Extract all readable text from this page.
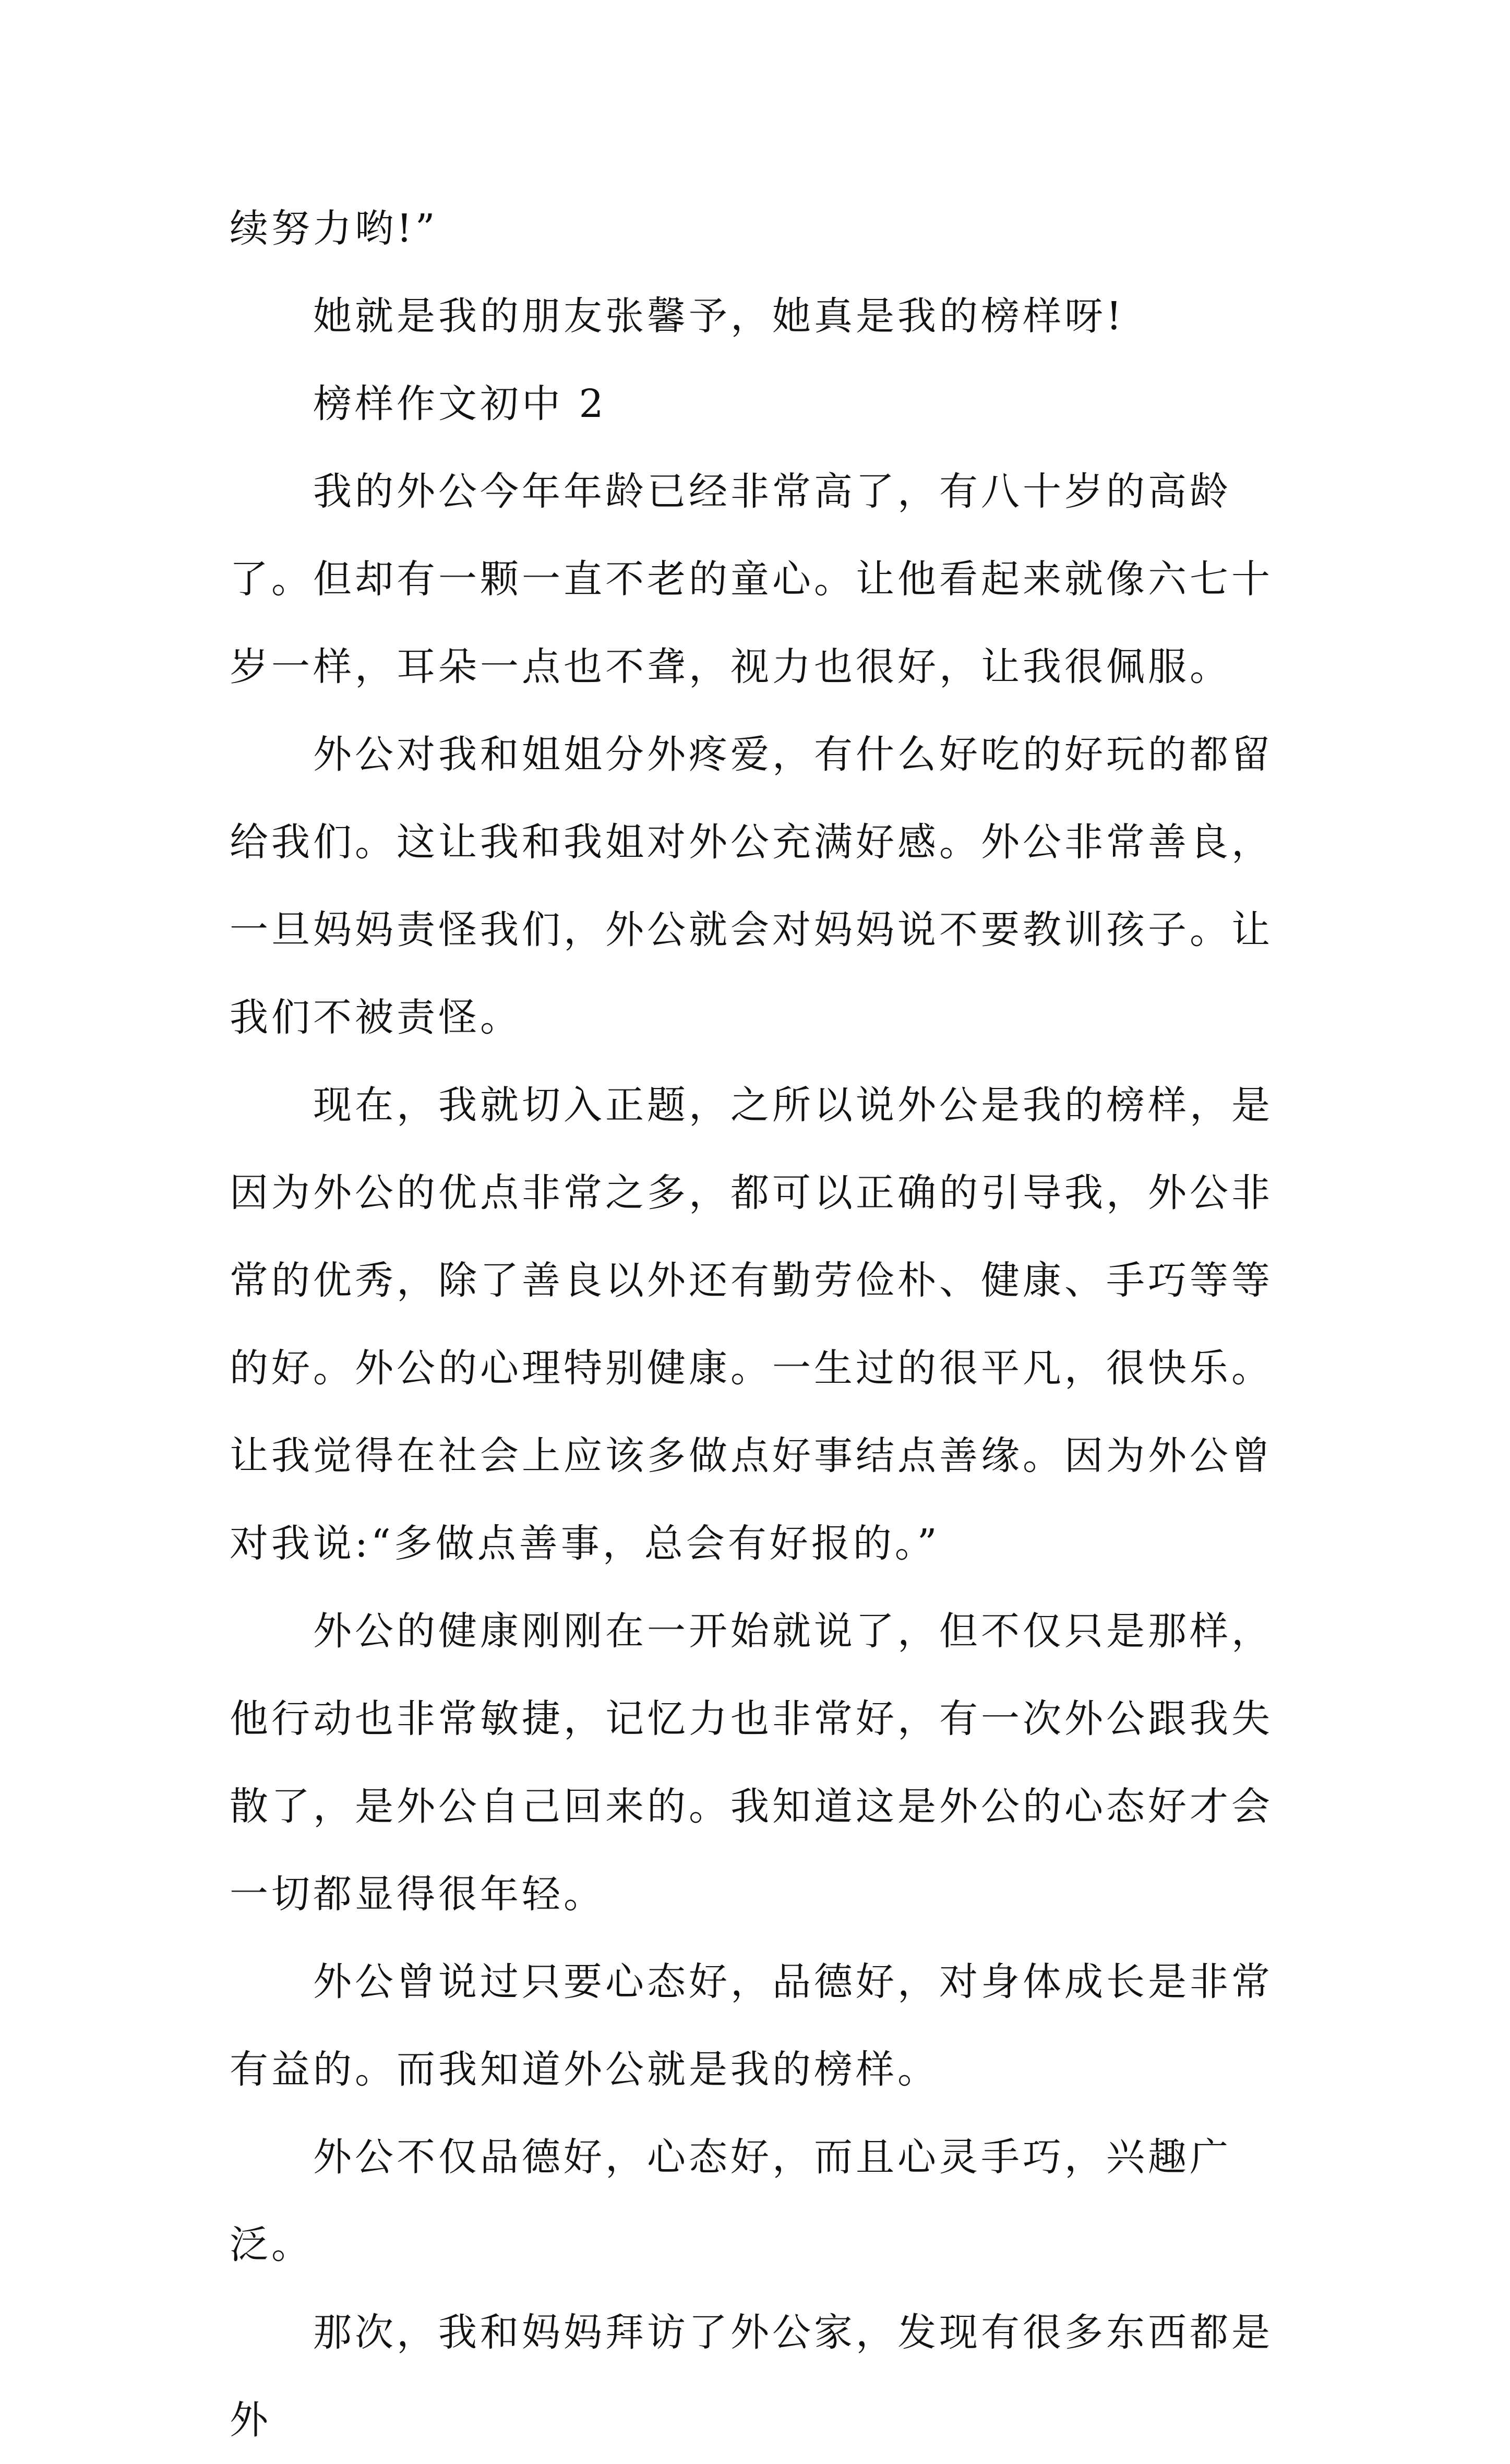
续努力哟!”

她就是我的朋友张馨予，她真是我的榜样呀!

榜样作文初中 2

我的外公今年年龄已经非常高了，有八十岁的高龄了。但却有一颗一直不老的童心。让他看起来就像六七十岁一样，耳朵一点也不聋，视力也很好，让我很佩服。

外公对我和姐姐分外疼爱，有什么好吃的好玩的都留给我们。这让我和我姐对外公充满好感。外公非常善良，一旦妈妈责怪我们，外公就会对妈妈说不要教训孩子。让我们不被责怪。

现在，我就切入正题，之所以说外公是我的榜样，是因为外公的优点非常之多，都可以正确的引导我，外公非常的优秀，除了善良以外还有勤劳俭朴、健康、手巧等等的好。外公的心理特别健康。一生过的很平凡，很快乐。让我觉得在社会上应该多做点好事结点善缘。因为外公曾对我说:“多做点善事，总会有好报的。”

外公的健康刚刚在一开始就说了，但不仅只是那样，他行动也非常敏捷，记忆力也非常好，有一次外公跟我失散了，是外公自己回来的。我知道这是外公的心态好才会一切都显得很年轻。

外公曾说过只要心态好，品德好，对身体成长是非常有益的。而我知道外公就是我的榜样。

外公不仅品德好，心态好，而且心灵手巧，兴趣广泛。

那次，我和妈妈拜访了外公家，发现有很多东西都是外
